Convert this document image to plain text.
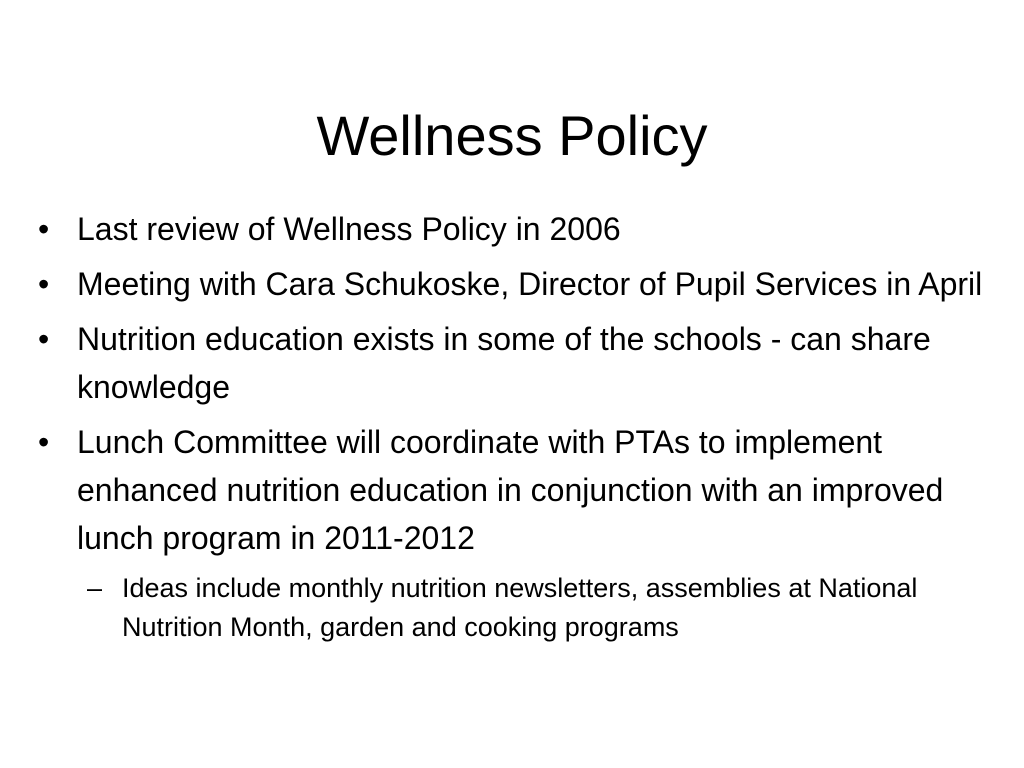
Wellness Policy
• Last review of Wellness Policy in 2006
• Meeting with Cara Schukoske, Director of Pupil Services in April
• Nutrition education exists in some of the schools - can share knowledge
• Lunch Committee will coordinate with PTAs to implement enhanced nutrition education in conjunction with an improved lunch program in 2011-2012
– Ideas include monthly nutrition newsletters, assemblies at National Nutrition Month, garden and cooking programs
